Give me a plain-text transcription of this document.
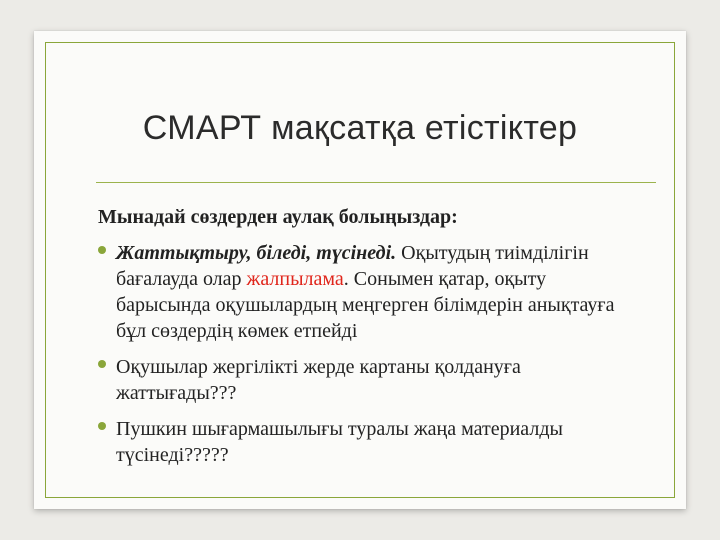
СМАРТ мақсатқа етістіктер

Мынадай сөздерден аулақ болыңыздар:

Жаттықтыру, біледі, түсінеді. Оқытудың тиімділігін бағалауда олар жалпылама. Сонымен қатар, оқыту барысында оқушылардың меңгерген білімдерін анықтауға бұл сөздердің көмек етпейді
Оқушылар жергілікті жерде картаны қолдануға жаттығады???
Пушкин шығармашылығы туралы жаңа материалды түсінеді?????
